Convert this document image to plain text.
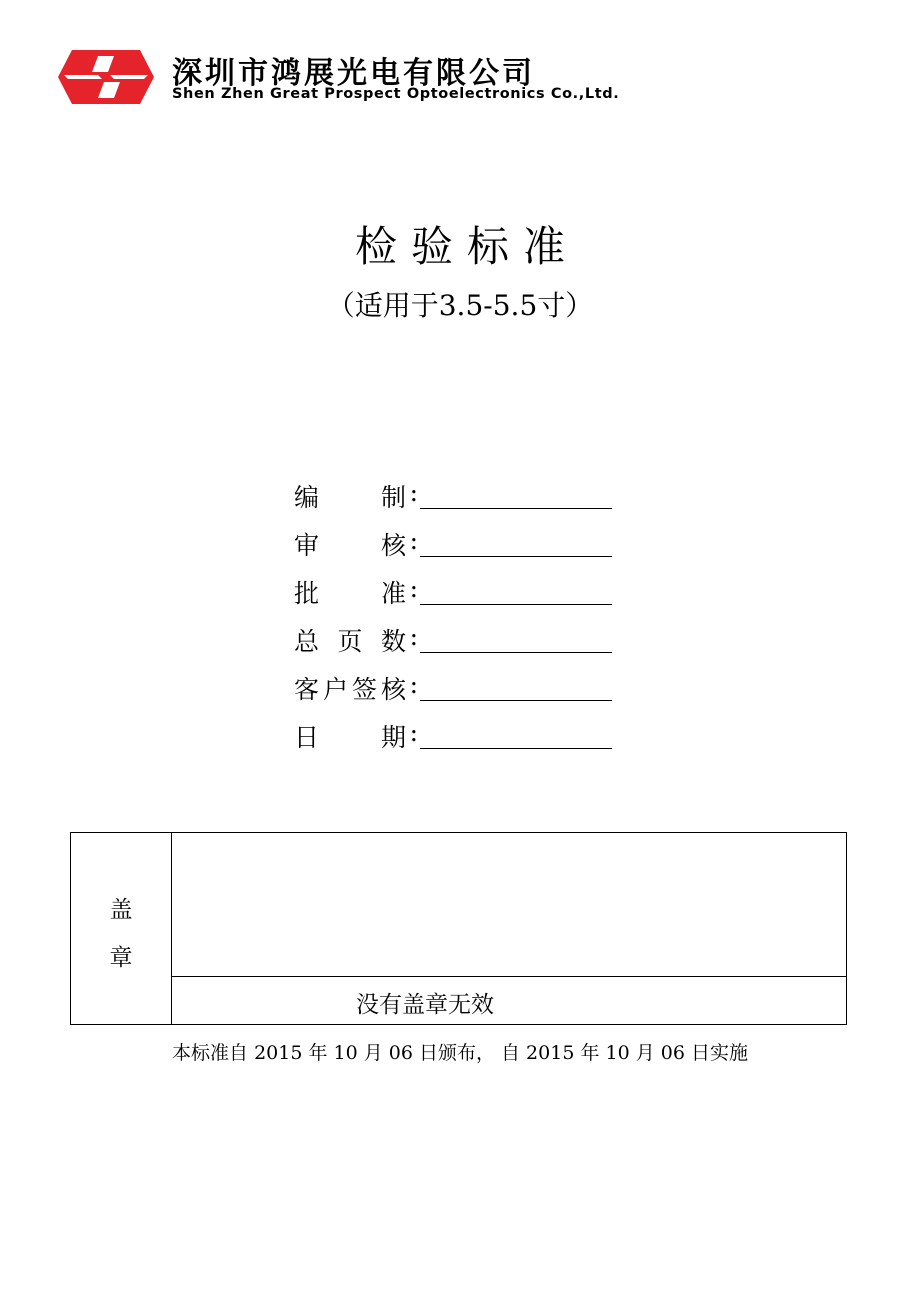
深圳市鸿展光电有限公司
Shen Zhen Great Prospect Optoelectronics Co.,Ltd.
检验标准
（适用于3.5-5.5寸）
编 制 :
审 核 :
批 准 :
总 页 数 :
客 户 签 核 :
日 期 :
盖
章
没有盖章无效
本标准自 2015 年 10 月 06 日颁布， 自 2015 年 10 月 06 日实施
